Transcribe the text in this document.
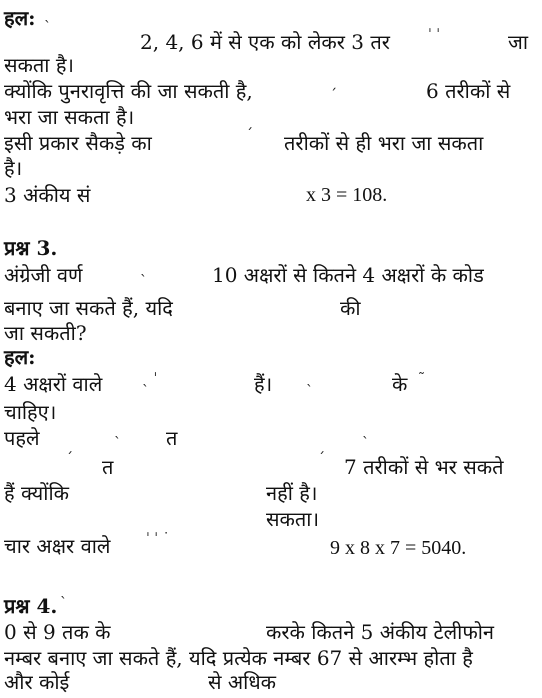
हल: ˎ
2, 4, 6 में से एक को लेकर 3 तर	ˈ ˈ	जा
सकता है।
क्योंकि पुनरावृत्ति की जा सकती है,	ˏ	6 तरीकों से
भरा जा सकता है।
इसी प्रकार सैकड़े का	ˊ तरीकों से ही भरा जा सकता
है।
3 अंकीय सं	x 3 = 108.
प्रश्न 3.
अंग्रेजी वर्ण	ˎ	10 अक्षरों से कितने 4 अक्षरों के कोड
बनाए जा सकते हैं, यदि	की
जा सकती?
हल:
4 अक्षरों वाले	ˎ ˈ	हैं। ˎ	के ˜
चाहिए।
पहले	ˎ त	ˎ
ˊ	ˊ
त	7 तरीकों से भर सकते
हैं क्योंकि	नहीं है।
सकता।
चार अक्षर वाले	ˈ ˈ ˙	9 x 8 x 7 = 5040.
ˎ
प्रश्न 4.
0 से 9 तक के	करके कितने 5 अंकीय टेलीफोन
नम्बर बनाए जा सकते हैं, यदि प्रत्येक नम्बर 67 से आरम्भ होता है
और कोई	से अधिक
